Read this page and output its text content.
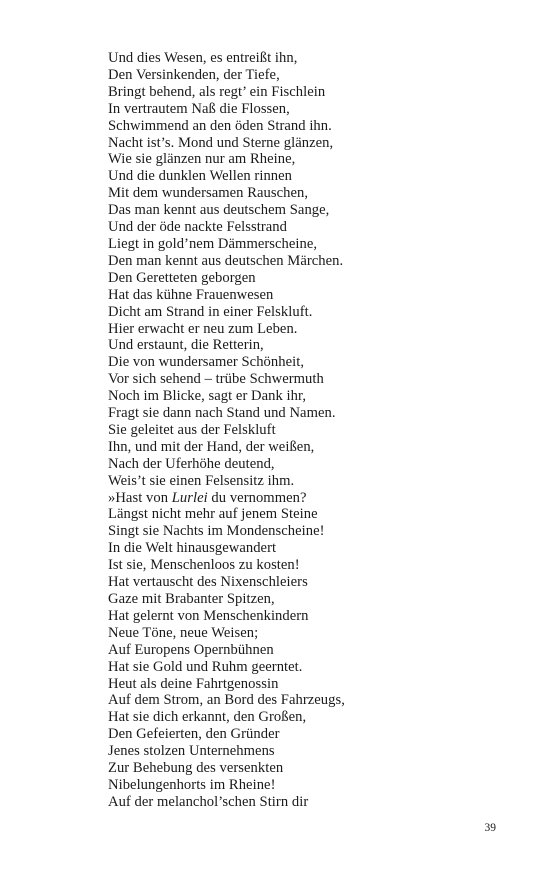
Und dies Wesen, es entreißt ihn,
Den Versinkenden, der Tiefe,
Bringt behend, als regt’ ein Fischlein
In vertrautem Naß die Flossen,
Schwimmend an den öden Strand ihn.
Nacht ist’s. Mond und Sterne glänzen,
Wie sie glänzen nur am Rheine,
Und die dunklen Wellen rinnen
Mit dem wundersamen Rauschen,
Das man kennt aus deutschem Sange,
Und der öde nackte Felsstrand
Liegt in gold’nem Dämmerscheine,
Den man kennt aus deutschen Märchen.
Den Geretteten geborgen
Hat das kühne Frauenwesen
Dicht am Strand in einer Felskluft.
Hier erwacht er neu zum Leben.
Und erstaunt, die Retterin,
Die von wundersamer Schönheit,
Vor sich sehend – trübe Schwermuth
Noch im Blicke, sagt er Dank ihr,
Fragt sie dann nach Stand und Namen.
Sie geleitet aus der Felskluft
Ihn, und mit der Hand, der weißen,
Nach der Uferhöhe deutend,
Weis’t sie einen Felsensitz ihm.
»Hast von Lurlei du vernommen?
Längst nicht mehr auf jenem Steine
Singt sie Nachts im Mondenscheine!
In die Welt hinausgewandert
Ist sie, Menschenloos zu kosten!
Hat vertauscht des Nixenschleiers
Gaze mit Brabanter Spitzen,
Hat gelernt von Menschenkindern
Neue Töne, neue Weisen;
Auf Europens Opernbühnen
Hat sie Gold und Ruhm geerntet.
Heut als deine Fahrtgenossin
Auf dem Strom, an Bord des Fahrzeugs,
Hat sie dich erkannt, den Großen,
Den Gefeierten, den Gründer
Jenes stolzen Unternehmens
Zur Behebung des versenkten
Nibelungenhorts im Rheine!
Auf der melanchol’schen Stirn dir
39
